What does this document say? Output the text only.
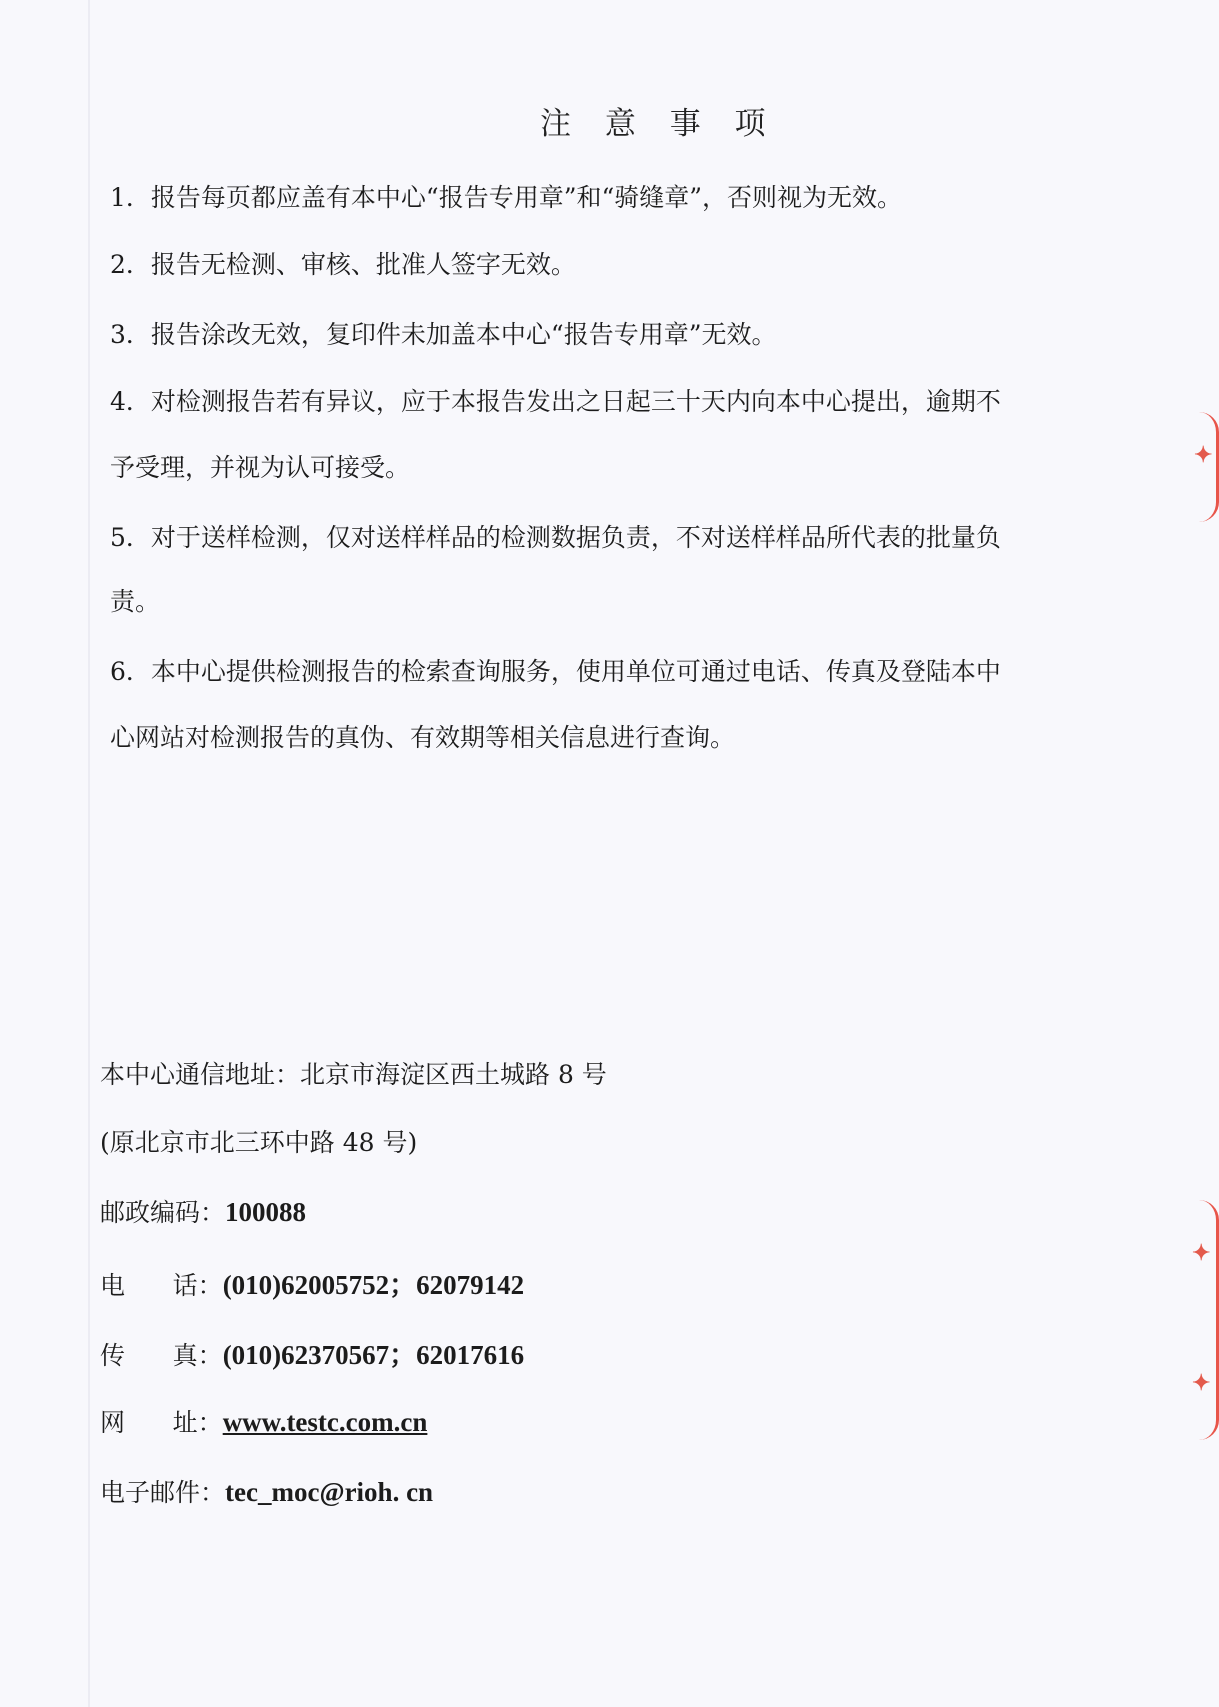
注 意 事 项
1．报告每页都应盖有本中心“报告专用章”和“骑缝章”，否则视为无效。
2．报告无检测、审核、批准人签字无效。
3．报告涂改无效，复印件未加盖本中心“报告专用章”无效。
4．对检测报告若有异议，应于本报告发出之日起三十天内向本中心提出，逾期不
予受理，并视为认可接受。
5．对于送样检测，仅对送样样品的检测数据负责，不对送样样品所代表的批量负
责。
6．本中心提供检测报告的检索查询服务，使用单位可通过电话、传真及登陆本中
心网站对检测报告的真伪、有效期等相关信息进行查询。
本中心通信地址：北京市海淀区西土城路 8 号
(原北京市北三环中路 48 号)
邮政编码：100088
电      话：(010)62005752；62079142
传      真：(010)62370567；62017616
网      址：www.testc.com.cn
电子邮件：tec_moc@rioh. cn
✦
✦
✦
